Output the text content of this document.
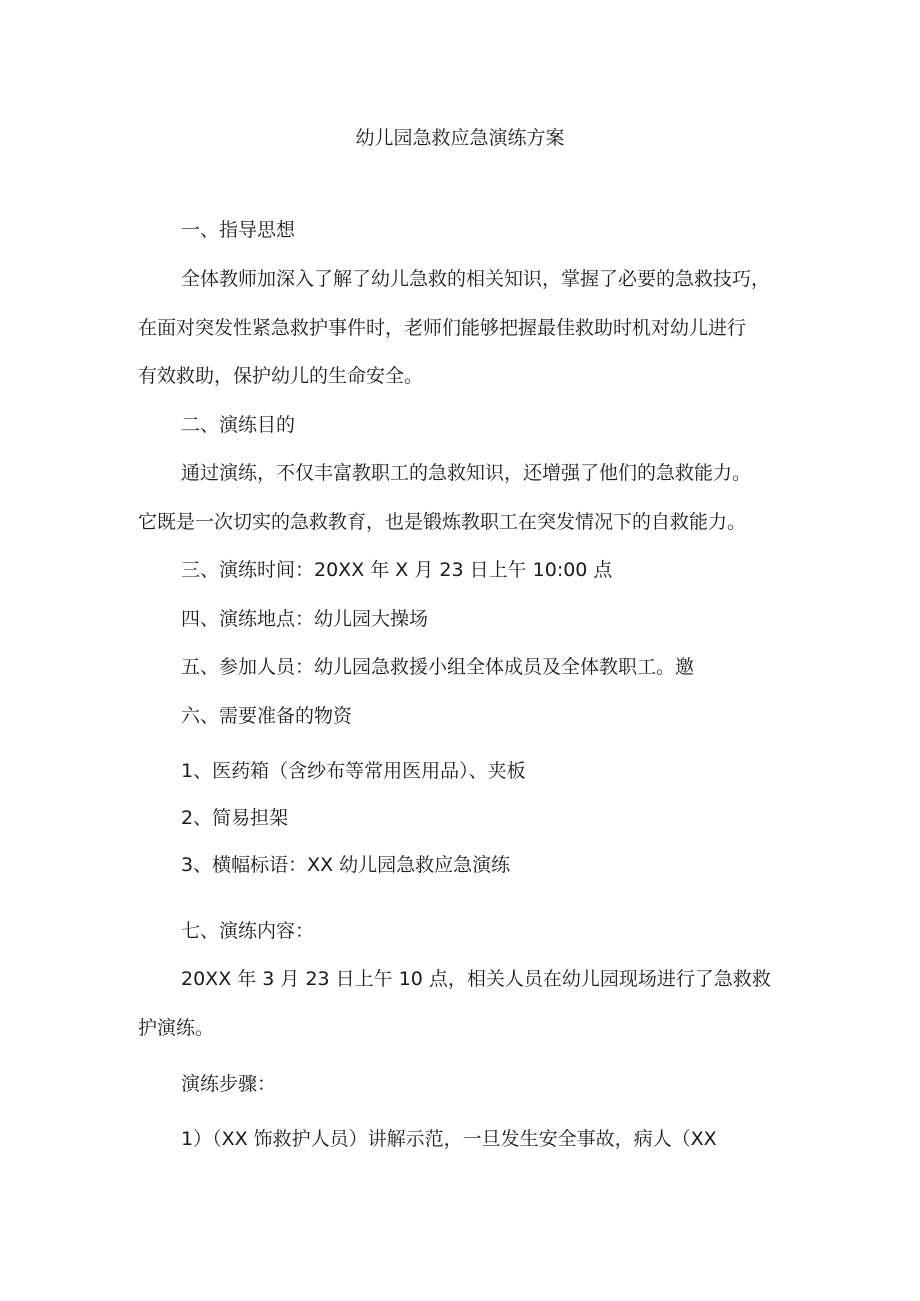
幼儿园急救应急演练方案
一、指导思想
全体教师加深入了解了幼儿急救的相关知识，掌握了必要的急救技巧，
在面对突发性紧急救护事件时，老师们能够把握最佳救助时机对幼儿进行
有效救助，保护幼儿的生命安全。
二、演练目的
通过演练，不仅丰富教职工的急救知识，还增强了他们的急救能力。
它既是一次切实的急救教育，也是锻炼教职工在突发情况下的自救能力。
三、演练时间：20XX 年 X 月 23 日上午 10:00 点
四、演练地点：幼儿园大操场
五、参加人员：幼儿园急救援小组全体成员及全体教职工。邀
六、需要准备的物资
1、医药箱（含纱布等常用医用品）、夹板
2、简易担架
3、横幅标语：XX 幼儿园急救应急演练
七、演练内容：
20XX 年 3 月 23 日上午 10 点，相关人员在幼儿园现场进行了急救救
护演练。
演练步骤：
1）（XX 饰救护人员）讲解示范，一旦发生安全事故，病人（XX
